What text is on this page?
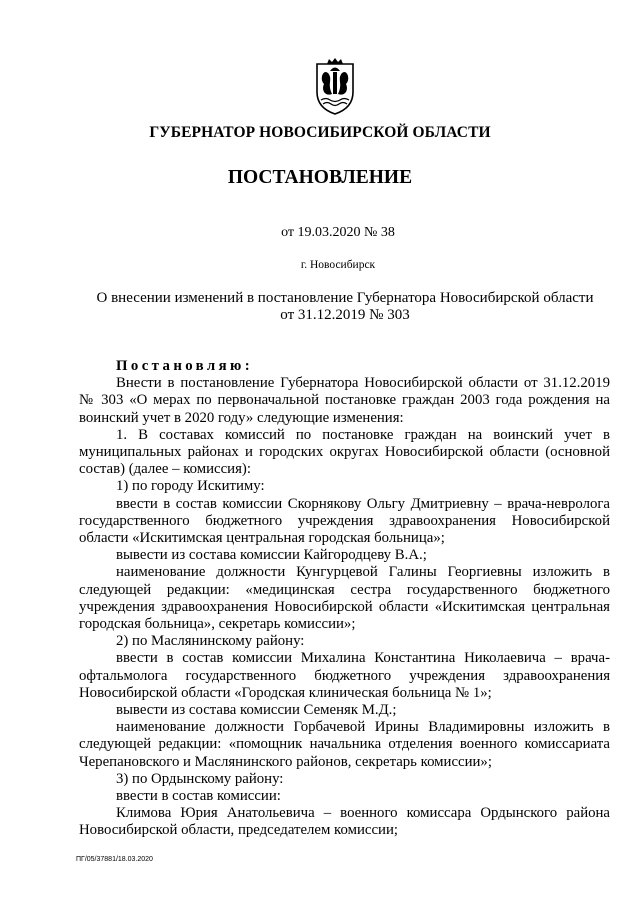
ГУБЕРНАТОР НОВОСИБИРСКОЙ ОБЛАСТИ
ПОСТАНОВЛЕНИЕ
от 19.03.2020 № 38
г. Новосибирск
О внесении изменений в постановление Губернатора Новосибирской области
от 31.12.2019 № 303

Постановляю:

Внести в постановление Губернатора Новосибирской области от 31.12.2019 № 303 «О мерах по первоначальной постановке граждан 2003 года рождения на воинский учет в 2020 году» следующие изменения:

1. В составах комиссий по постановке граждан на воинский учет в муниципальных районах и городских округах Новосибирской области (основной состав) (далее – комиссия):

1) по городу Искитиму:

ввести в состав комиссии Скорнякову Ольгу Дмитриевну – врача-невролога государственного бюджетного учреждения здравоохранения Новосибирской области «Искитимская центральная городская больница»;

вывести из состава комиссии Кайгородцеву В.А.;

наименование должности Кунгурцевой Галины Георгиевны изложить в следующей редакции: «медицинская сестра государственного бюджетного учреждения здравоохранения Новосибирской области «Искитимская центральная городская больница», секретарь комиссии»;

2) по Маслянинскому району:

ввести в состав комиссии Михалина Константина Николаевича – врача-офтальмолога государственного бюджетного учреждения здравоохранения Новосибирской области «Городская клиническая больница № 1»;

вывести из состава комиссии Семеняк М.Д.;

наименование должности Горбачевой Ирины Владимировны изложить в следующей редакции: «помощник начальника отделения военного комиссариата Черепановского и Маслянинского районов, секретарь комиссии»;

3) по Ордынскому району:

ввести в состав комиссии:

Климова Юрия Анатольевича – военного комиссара Ордынского района Новосибирской области, председателем комиссии;

ПГ/05/37881/18.03.2020
